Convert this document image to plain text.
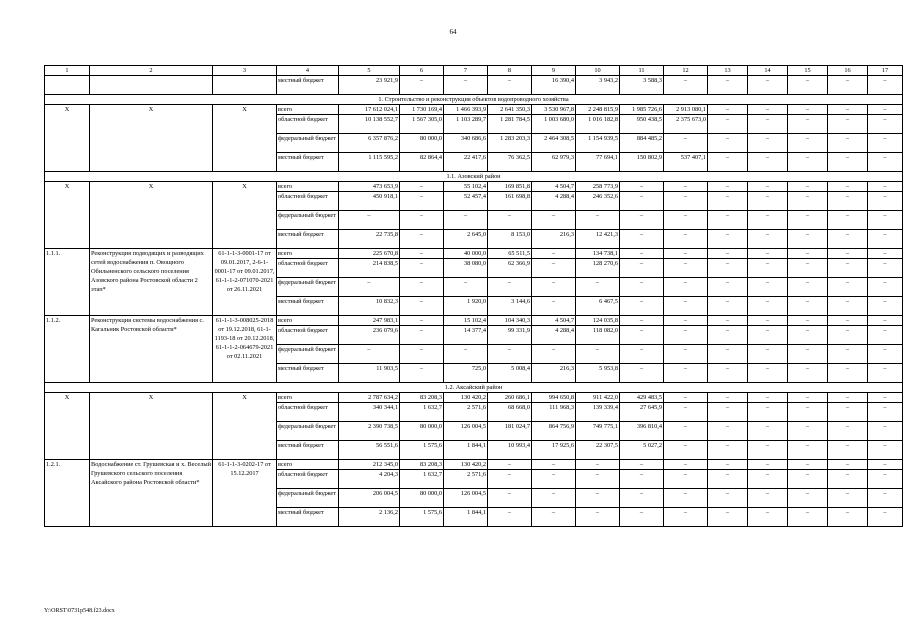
64
1	2	3	4	5	6	7	8	9	10	11	12	13	14	15	16	17
			местный бюджет	23 921,9	–	–	–	16 390,4	3 943,2	3 588,3	–	–	–	–	–	–
1. Строительство и реконструкция объектов водопроводного хозяйства																
Х	Х	Х	всего	17 612 024,1	1 730 169,4	1 466 393,9	2 641 350,3	3 530 967,8	2 248 815,9	1 985 726,6	2 913 080,1	–	–	–	–	–
			областной бюджет	10 138 552,7	1 567 305,0	1 103 289,7	1 281 784,5	1 003 680,0	1 016 182,8	950 438,5	2 375 673,0	–	–	–	–	–
			федеральный бюджет	6 357 876,2	80 000,0	340 686,6	1 283 203,3	2 464 308,5	1 154 939,5	884 485,2	–	–	–	–	–	–
			местный бюджет	1 115 595,2	82 864,4	22 417,6	76 362,5	62 979,3	77 694,1	150 802,9	537 407,1	–	–	–	–	–
1.1. Азовский район																
Х	Х	Х	всего	473 653,9	–	55 102,4	169 851,8	4 504,7	258 773,9	–	–	–	–	–	–	–
			областной бюджет	450 918,1	–	52 457,4	161 698,8	4 288,4	246 352,6	–	–	–	–	–	–	–
			федеральный бюджет	–	–	–	–	–	–	–	–	–	–	–	–	–
			местный бюджет	22 735,8	–	2 645,0	8 153,0	216,3	12 421,3	–	–	–	–	–	–	–
1.1.1.	Реконструкция подводящих и разводящих сетей водоснабжения п. Овощного Обильненского сельского поселения Азовского района Ростовской области 2 этап*	61-1-1-3-0001-17 от 09.01.2017, 2-6-1-0001-17 от 09.01.2017, 61-1-1-2-071070-2021 от 26.11.2021	всего	225 670,8	–	40 000,0	65 511,5	–	134 738,1	–	–	–	–	–	–	–
			областной бюджет	214 838,5	–	38 080,0	62 366,9	–	128 270,6	–	–	–	–	–	–	–
			федеральный бюджет	–	–	–	–	–	–	–	–	–	–	–	–	–
			местный бюджет	10 832,3	–	1 920,0	3 144,6	–	6 467,5	–	–	–	–	–	–	–
1.1.2.	Реконструкция системы водоснабжения с. Кагальник Ростовской области*	61-1-1-3-008025-2018 от 19.12.2018, 61-1-1193-18 от 20.12.2018, 61-1-1-2-064679-2021 от 02.11.2021	всего	247 983,1	–	15 102,4	104 340,3	4 504,7	124 035,8	–	–	–	–	–	–	–
			областной бюджет	236 079,6	–	14 377,4	99 331,9	4 288,4	118 082,0	–	–	–	–	–	–	–
			федеральный бюджет	–	–	–	–	–	–	–	–	–	–	–	–	–
			местный бюджет	11 903,5	–	725,0	5 008,4	216,3	5 953,8	–	–	–	–	–	–	–
1.2. Аксайский район																
Х	Х	Х	всего	2 787 634,2	83 208,3	130 420,2	260 686,1	994 650,8	911 422,0	429 483,5	–	–	–	–	–	–
			областной бюджет	340 344,1	1 632,7	2 571,6	68 668,0	111 968,3	139 339,4	27 645,9	–	–	–	–	–	–
			федеральный бюджет	2 390 738,5	80 000,0	126 004,5	181 024,7	864 756,9	749 775,1	396 810,4	–	–	–	–	–	–
			местный бюджет	56 551,6	1 575,6	1 844,1	10 993,4	17 925,6	22 307,5	5 027,2	–	–	–	–	–	–
1.2.1.	Водоснабжение ст. Грушевская и х. Веселый Грушевского сельского поселения Аксайского района Ростовской области*	61-1-1-3-0202-17 от 15.12.2017	всего	212 345,0	83 208,3	130 420,2	–	–	–	–	–	–	–	–	–	–
			областной бюджет	4 204,3	1 632,7	2 571,6	–	–	–	–	–	–	–	–	–	–
			федеральный бюджет	206 004,5	80 000,0	126 004,5	–	–	–	–	–	–	–	–	–	–
			местный бюджет	2 136,2	1 575,6	1 844,1	–	–	–	–	–	–	–	–	–	–
Y:\ORST\0731p548.f23.docx
